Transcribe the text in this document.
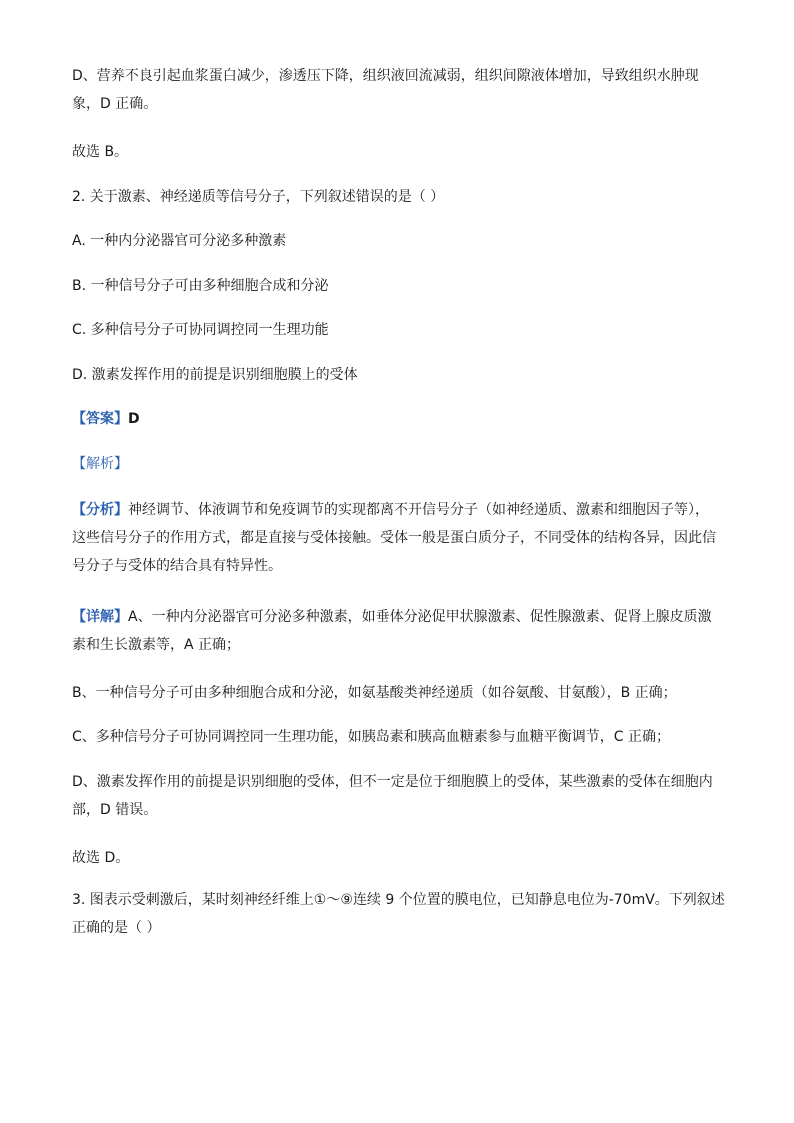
D、营养不良引起血浆蛋白减少，渗透压下降，组织液回流减弱，组织间隙液体增加，导致组织水肿现
象，D 正确。

故选 B。

2. 关于激素、神经递质等信号分子，下列叙述错误的是（ ）

A. 一种内分泌器官可分泌多种激素

B. 一种信号分子可由多种细胞合成和分泌

C. 多种信号分子可协同调控同一生理功能

D. 激素发挥作用的前提是识别细胞膜上的受体

【答案】D

【解析】

【分析】神经调节、体液调节和免疫调节的实现都离不开信号分子（如神经递质、激素和细胞因子等），
这些信号分子的作用方式，都是直接与受体接触。受体一般是蛋白质分子，不同受体的结构各异，因此信
号分子与受体的结合具有特异性。

【详解】A、一种内分泌器官可分泌多种激素，如垂体分泌促甲状腺激素、促性腺激素、促肾上腺皮质激
素和生长激素等，A 正确；

B、一种信号分子可由多种细胞合成和分泌，如氨基酸类神经递质（如谷氨酸、甘氨酸），B 正确；

C、多种信号分子可协同调控同一生理功能，如胰岛素和胰高血糖素参与血糖平衡调节，C 正确；

D、激素发挥作用的前提是识别细胞的受体，但不一定是位于细胞膜上的受体，某些激素的受体在细胞内
部，D 错误。

故选 D。

3. 图表示受刺激后，某时刻神经纤维上①～⑨连续 9 个位置的膜电位，已知静息电位为-70mV。下列叙述
正确的是（ ）
